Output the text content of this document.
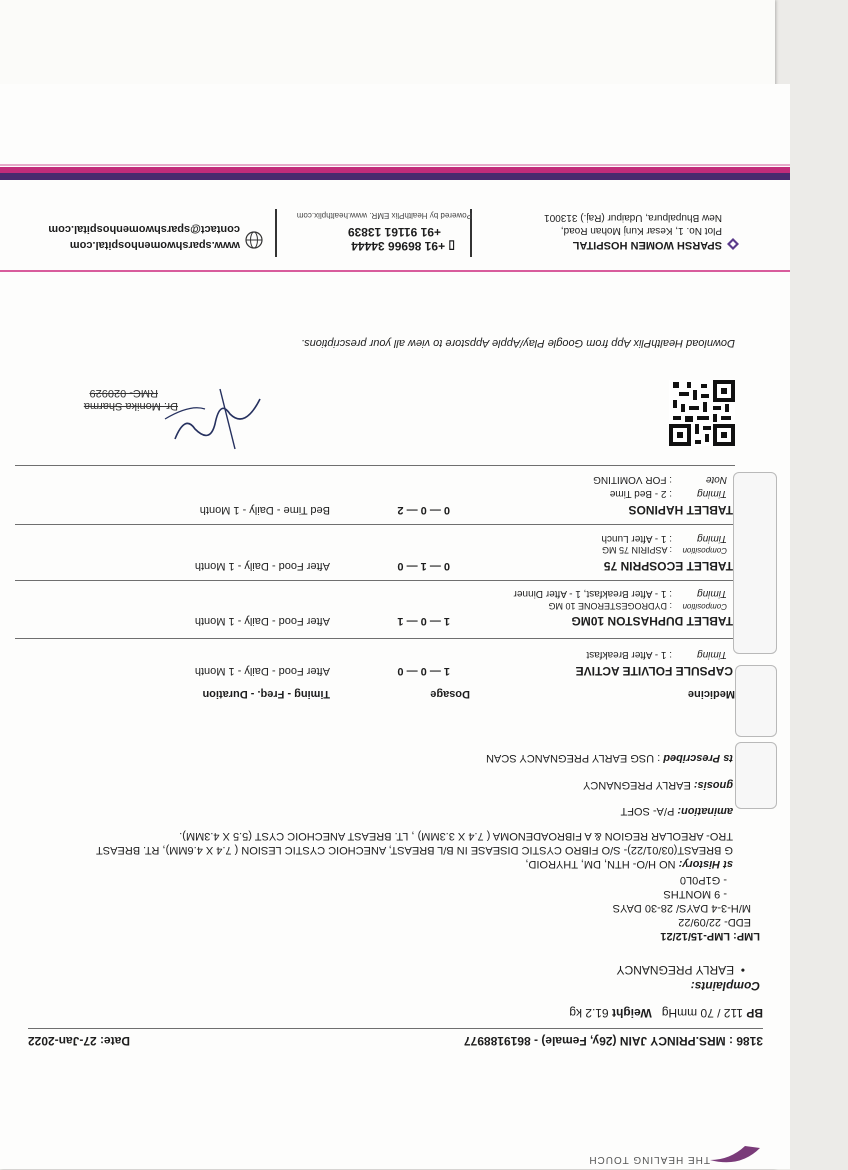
THE HEALING TOUCH
3186 : MRS.PRINCY JAIN (26y, Female) - 8619188977
Date: 27-Jan-2022
BP 112 / 70 mmHg   Weight 61.2 kg
Complaints:
•  EARLY PREGNANCY
LMP: LMP-15/12/21
EDD- 22/09/22
M/H-3-4 DAYS/ 28-30 DAYS
- 9 MONTHS
- G1P0L0
st History: NO H/O- HTN, DM, THYROID,
G BREAST(03/01/22)- S/O FIBRO CYSTIC DISEASE IN B/L BREAST, ANECHOIC CYSTIC LESION ( 7.4 X 4.6MM), RT. BREAST
TRO- AREOLAR REGION & A FIBROADENOMA ( 7.4 X 3.3MM) , LT. BREAST ANECHOIC CYST (5.5 X 4.3MM).
amination: P/A- SOFT
gnosis: EARLY PREGNANCY
ts Prescribed : USG EARLY PREGNANCY SCAN
Medicine
Dosage
Timing - Freq. - Duration
CAPSULE FOLVITE ACTIVE
1 — 0 — 0
After Food - Daily - 1 Month
Timing
: 1 - After Breakfast
TABLET DUPHASTON 10MG
1 — 0 — 1
After Food - Daily - 1 Month
Composition
: DYDROGESTERONE 10 MG
Timing
: 1 - After Breakfast, 1 - After Dinner
TABLET ECOSPRIN 75
0 — 1 — 0
After Food - Daily - 1 Month
Composition
: ASPIRIN 75 MG
Timing
: 1 - After Lunch
TABLET HAPINOS
0 — 0 — 2
Bed Time - Daily - 1 Month
Timing
: 2 - Bed Time
Note
: FOR VOMITING
Dr. Monika Sharma
RMC- 020929
Download HealthPlix App from Google Play/Apple Appstore to view all your prescriptions.
SPARSH WOMEN HOSPITAL
Plot No. 1, Kesar Kunj Mohan Road,
New Bhupalpura, Udaipur (Raj.) 313001
▯ +91 86966 34444
+91 91161 13839
Powered by HealthPlix EMR. www.healthplix.com
www.sparshwomenhospital.com
contact@sparshwomenhospital.com
